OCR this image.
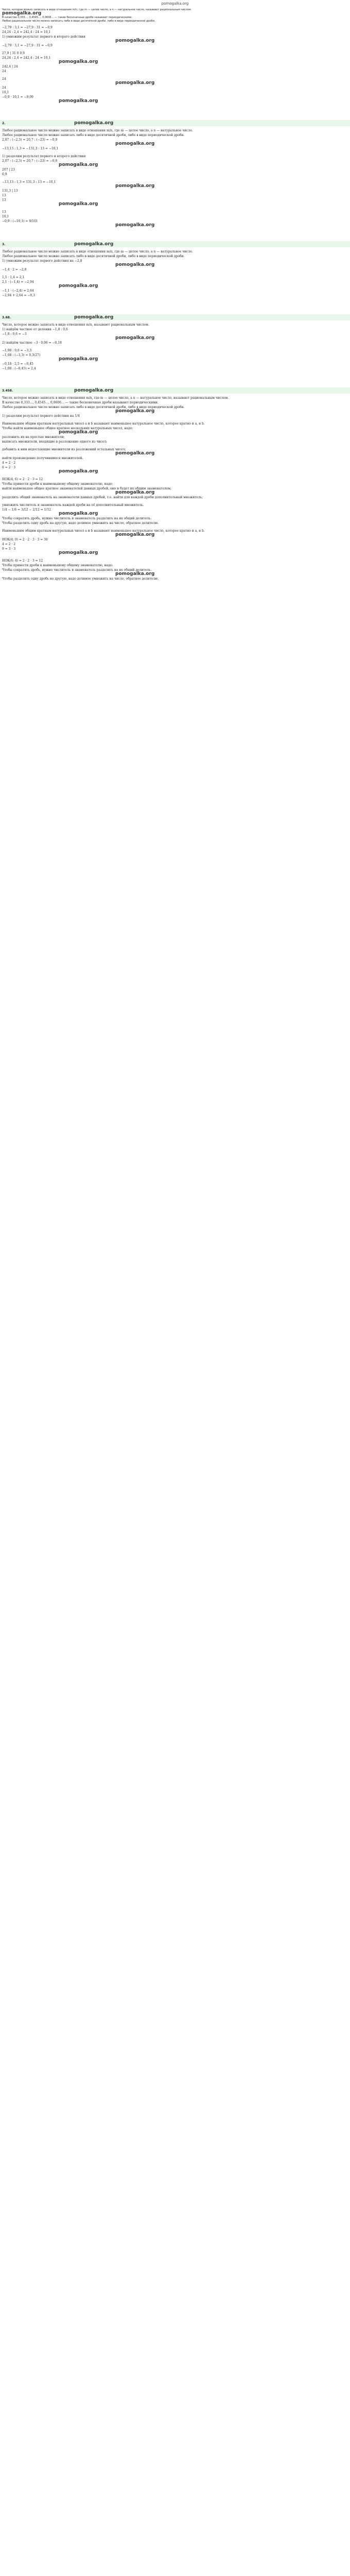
pomogalka.org
Число, которое можно записать в виде отношения m/n, где m — целое число, а n — натуральное число, называют рациональным числом.
pomogalka.org
В качестве 0,333..., 0,4545..., 0,0606... — такие бесконечные дроби называют периодическими.
Любое рациональное число можно записать либо в виде десятичной дроби, либо в виде периодической дроби.
−2,79 : 3,1 = −27,9 : 31 = −0,9
24,24 : 2,4 = 242,4 : 24 = 10,1
1) умножим результат первого и второго действия
pomogalka.org
−2,79 · 3,1 = −27,9 : 31 = −0,9
27,9 | 31 0 0,9
24,24 : 2,4 = 242,4 : 24 = 10,1
pomogalka.org
242,4 | 24
24
24
pomogalka.org
24
10,1
−0,9 · 10,1 = −9,09
pomogalka.org
2.	pomogalka.org
Любое рациональное число можно записать в виде отношения m/n, где m — целое число, а n — натуральное число.
Любое рациональное число можно записать либо в виде десятичной дроби, либо в виде периодической дроби.
2,07 : (−2,3) = 20,7 : (−23) = −0,9
pomogalka.org
−13,13 : 1,3 = −131,3 : 13 = −10,1
1) разделим результат первого и второго действия
2,07 : (−2,3) = 20,7 : (−23) = −0,9
pomogalka.org
207 | 23
0,9
−13,13 : 1,3 = 131,3 : 13 = −10,1
pomogalka.org
131,3 | 13
13
13
pomogalka.org
13
10,1
−0,9 : (−10,1) = 9/101
pomogalka.org
3.	pomogalka.org
Любое рациональное число можно записать в виде отношения m/n, где m — целое число, а n — натуральное число.
Любое рациональное число можно записать либо в виде десятичной дроби, либо в виде периодической дроби.
1) умножим результат первого действия на −2,8
pomogalka.org
−1,4 · 2 = −2,8
1,5 · 1,4 = 2,1
2,1 · (−1,4) = −2,94
pomogalka.org
−1,1 · (−2,4) = 2,64
−2,94 + 2,64 = −0,3
3.68.	pomogalka.org
Число, которое можно записать в виде отношения m/n, называют рациональным числом.
1) найдём частное от деления −1,8 : 0,6
−1,8 : 0,6 = −3
pomogalka.org
2) найдём частное −3 · 0,06 = −0,18
−1,98 : 0,6 = −3,3
−1,08 : (−3,3) = 0,3(27)
pomogalka.org
−0,18 · 2,5 = −0,45
−1,08 : (−0,45) = 2,4
3.458.	pomogalka.org
Число, которое можно записать в виде отношения m/n, где m — целое число, а n — натуральное число, называют рациональным числом.
В качестве 0,333..., 0,4545..., 0,0606... — такие бесконечные дроби называют периодическими.
Любое рациональное число можно записать либо в виде десятичной дроби, либо в виде периодической дроби.
pomogalka.org
1) разделим результат первого действия на 1/4
Наименьшим общим кратным натуральных чисел a и b называют наименьшее натуральное число, которое кратно и a, и b.
Чтобы найти наименьшее общее кратное нескольких натуральных чисел, надо:
pomogalka.org
разложить их на простые множители;
выписать множители, входящие в разложение одного из чисел;
добавить к ним недостающие множители из разложений остальных чисел;
pomogalka.org
найти произведение получившихся множителей.
4 = 2 · 2
6 = 2 · 3
pomogalka.org
НОК(4; 6) = 2 · 2 · 3 = 12
Чтобы привести дроби к наименьшему общему знаменателю, надо:
найти наименьшее общее кратное знаменателей данных дробей, оно и будет их общим знаменателем;
pomogalka.org
разделить общий знаменатель на знаменатели данных дробей, т.е. найти для каждой дроби дополнительный множитель;
умножить числитель и знаменатель каждой дроби на её дополнительный множитель.
1/4 − 1/6 = 3/12 − 2/12 = 1/12
pomogalka.org
Чтобы сократить дробь, нужно числитель и знаменатель разделить на их общий делитель.
Чтобы разделить одну дробь на другую, надо делимое умножить на число, обратное делителю.
Наименьшим общим кратным натуральных чисел a и b называют наименьшее натуральное число, которое кратно и a, и b.
pomogalka.org
НОК(4; 9) = 2 · 2 · 3 · 3 = 36
4 = 2 · 2
9 = 3 · 3
pomogalka.org
НОК(6; 4) = 2 · 2 · 3 = 12
Чтобы привести дроби к наименьшему общему знаменателю, надо:
Чтобы сократить дробь, нужно числитель и знаменатель разделить на их общий делитель.
pomogalka.org
Чтобы разделить одну дробь на другую, надо делимое умножить на число, обратное делителю.
